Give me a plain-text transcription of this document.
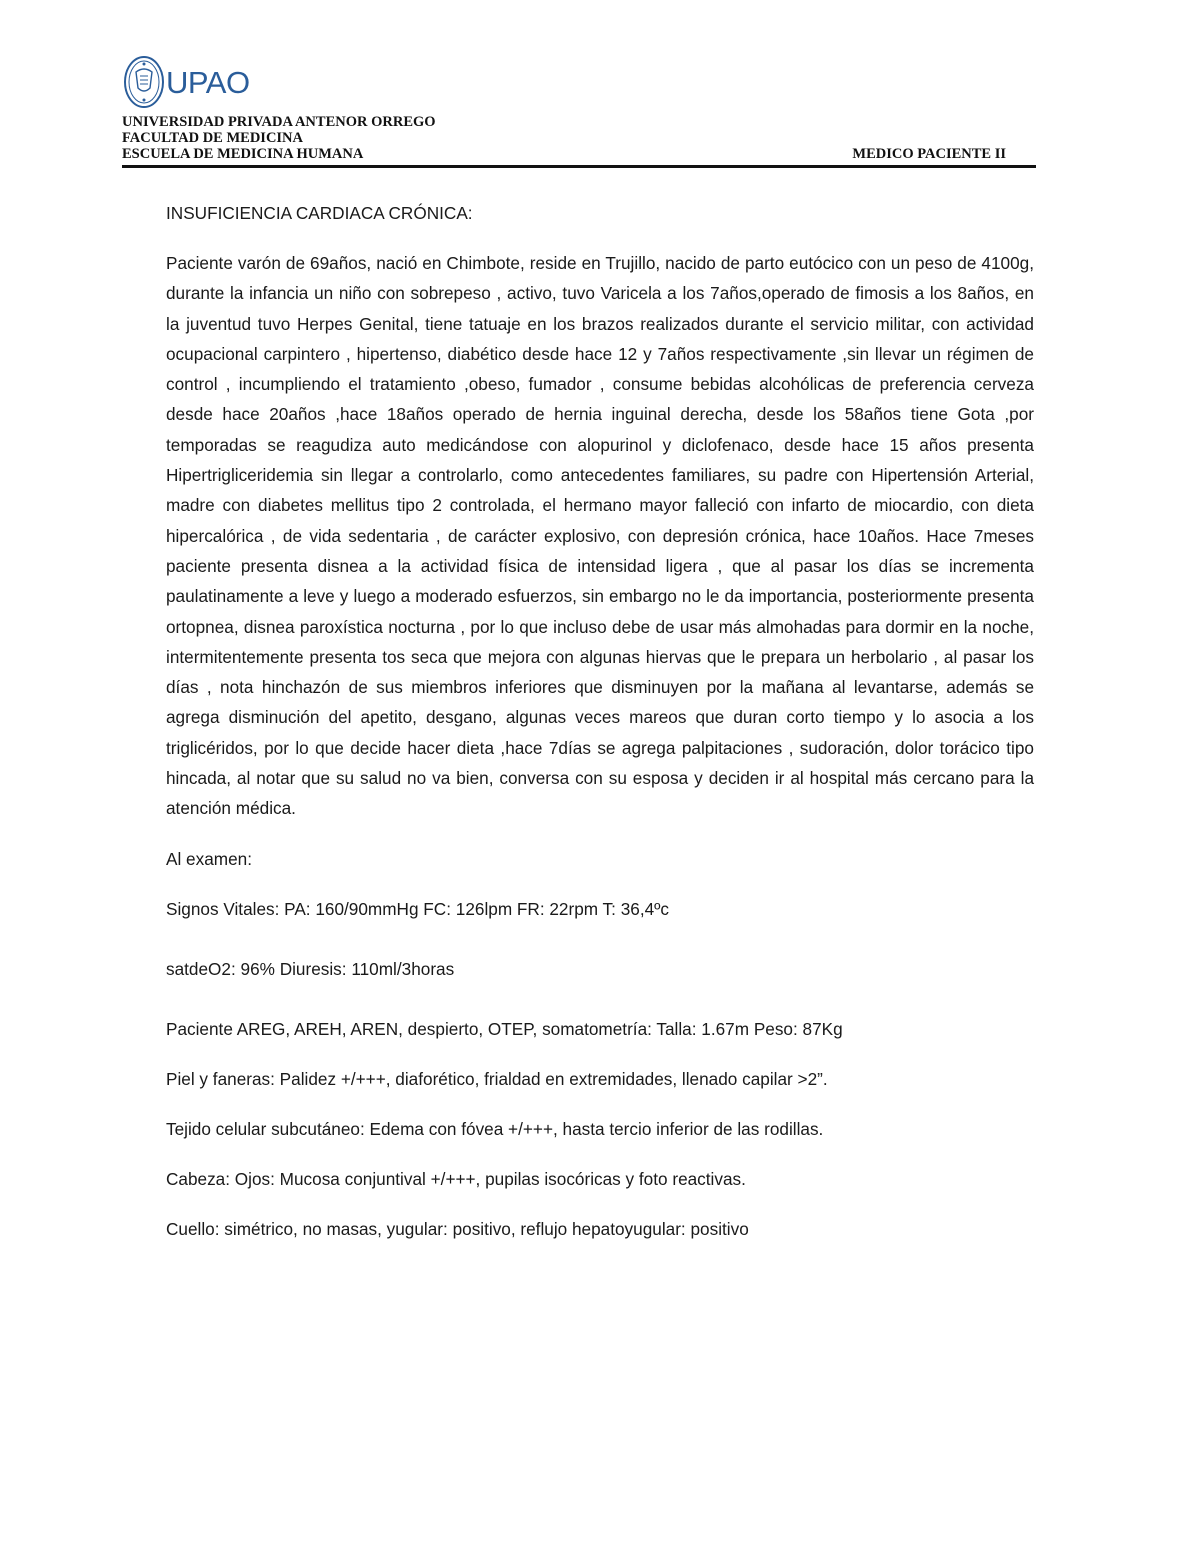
UPAO
UNIVERSIDAD PRIVADA ANTENOR ORREGO
FACULTAD DE MEDICINA
ESCUELA DE MEDICINA HUMANA	MEDICO PACIENTE II

INSUFICIENCIA CARDIACA CRÓNICA:

Paciente varón de 69años, nació en Chimbote, reside en Trujillo, nacido de parto eutócico con un peso de 4100g, durante la infancia un niño con sobrepeso , activo, tuvo Varicela a los 7años,operado de fimosis a los 8años, en la juventud tuvo Herpes Genital, tiene tatuaje en los brazos realizados durante el servicio militar, con actividad ocupacional carpintero , hipertenso, diabético desde hace 12 y 7años respectivamente ,sin llevar un régimen de control , incumpliendo el tratamiento ,obeso, fumador , consume bebidas alcohólicas de preferencia cerveza desde hace 20años ,hace 18años operado de hernia inguinal derecha, desde los 58años tiene Gota ,por temporadas se reagudiza auto medicándose con alopurinol y diclofenaco, desde hace 15 años presenta Hipertrigliceridemia sin llegar a controlarlo, como antecedentes familiares, su padre con Hipertensión Arterial, madre con diabetes mellitus tipo 2 controlada, el hermano mayor falleció con infarto de miocardio, con dieta hipercalórica , de vida sedentaria , de carácter explosivo, con depresión crónica, hace 10años. Hace 7meses paciente presenta disnea a la actividad física de intensidad ligera , que al pasar los días se incrementa paulatinamente a leve y luego a moderado esfuerzos, sin embargo no le da importancia, posteriormente presenta ortopnea, disnea paroxística nocturna , por lo que incluso debe de usar más almohadas para dormir en la noche, intermitentemente presenta tos seca que mejora con algunas hiervas que le prepara un herbolario , al pasar los días , nota hinchazón de sus miembros inferiores que disminuyen por la mañana al levantarse, además se agrega disminución del apetito, desgano, algunas veces mareos que duran corto tiempo y lo asocia a los triglicéridos, por lo que decide hacer dieta ,hace 7días se agrega palpitaciones , sudoración, dolor torácico tipo hincada, al notar que su salud no va bien, conversa con su esposa y deciden ir al hospital más cercano para la atención médica.

Al examen:

Signos Vitales: PA: 160/90mmHg FC: 126lpm FR: 22rpm T: 36,4ºc

satdeO2: 96% Diuresis: 110ml/3horas

Paciente AREG, AREH, AREN, despierto, OTEP, somatometría: Talla: 1.67m Peso: 87Kg

Piel y faneras: Palidez +/+++, diaforético, frialdad en extremidades, llenado capilar >2”.

Tejido celular subcutáneo: Edema con fóvea +/+++, hasta tercio inferior de las rodillas.

Cabeza: Ojos: Mucosa conjuntival +/+++, pupilas isocóricas y foto reactivas.

Cuello: simétrico, no masas, yugular: positivo, reflujo hepatoyugular: positivo
